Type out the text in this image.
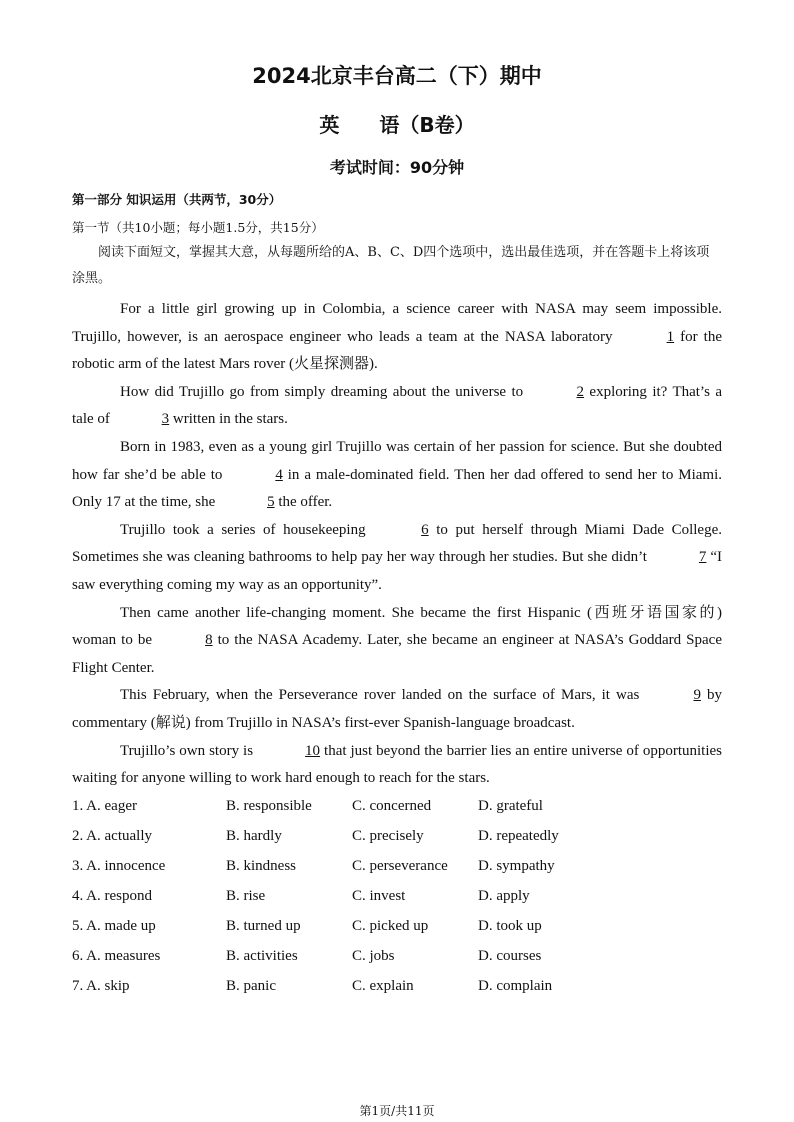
2024北京丰台高二（下）期中
英　　语（B卷）
考试时间：90分钟
第一部分 知识运用（共两节，30分）
第一节（共10小题；每小题1.5分，共15分）
阅读下面短文，掌握其大意，从每题所给的A、B、C、D四个选项中，选出最佳选项，并在答题卡上将该项涂黑。

For a little girl growing up in Colombia, a science career with NASA may seem impossible. Trujillo, however, is an aerospace engineer who leads a team at the NASA laboratory	1 for the robotic arm of the latest Mars rover (火星探测器).

How did Trujillo go from simply dreaming about the universe to	2 exploring it? That’s a tale of	3 written in the stars.

Born in 1983, even as a young girl Trujillo was certain of her passion for science. But she doubted how far she’d be able to	4 in a male-dominated field. Then her dad offered to send her to Miami. Only 17 at the time, she	5 the offer.

Trujillo took a series of housekeeping	6 to put herself through Miami Dade College. Sometimes she was cleaning bathrooms to help pay her way through her studies. But she didn’t	7 “I saw everything coming my way as an opportunity”.

Then came another life-changing moment. She became the first Hispanic (西班牙语国家的) woman to be	8 to the NASA Academy. Later, she became an engineer at NASA’s Goddard Space Flight Center.

This February, when the Perseverance rover landed on the surface of Mars, it was	9 by commentary (解说) from Trujillo in NASA’s first-ever Spanish-language broadcast.

Trujillo’s own story is	10 that just beyond the barrier lies an entire universe of opportunities waiting for anyone willing to work hard enough to reach for the stars.

1. A. eager	B. responsible	C. concerned	D. grateful
2. A. actually	B. hardly	C. precisely	D. repeatedly
3. A. innocence	B. kindness	C. perseverance D. sympathy
4. A. respond	B. rise	C. invest	D. apply
5. A. made up	B. turned up	C. picked up	D. took up
6. A. measures	B. activities	C. jobs	D. courses
7. A. skip	B. panic	C. explain	D. complain
第1页/共11页
